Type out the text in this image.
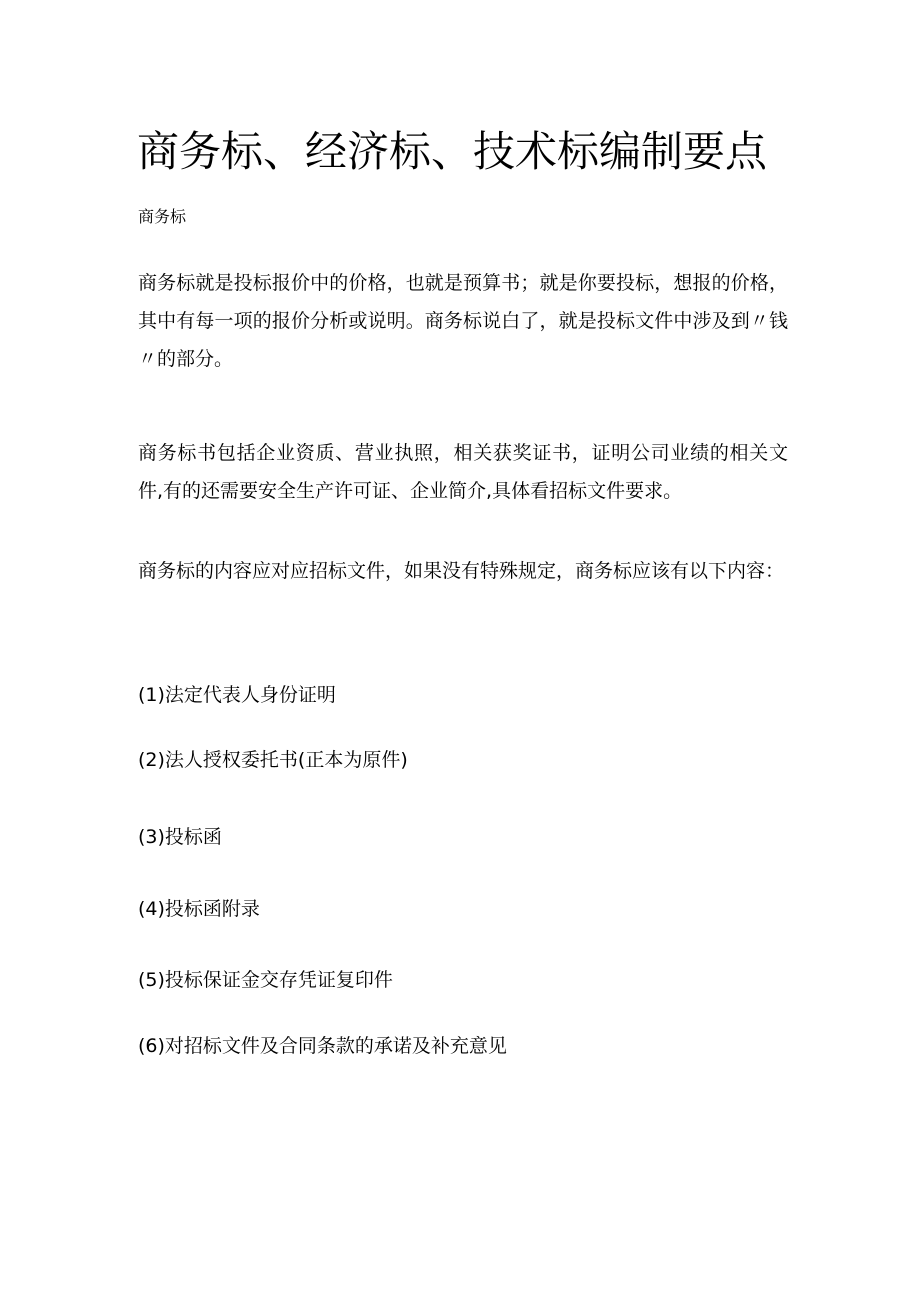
商务标、经济标、技术标编制要点

商务标

商务标就是投标报价中的价格，也就是预算书；就是你要投标，想报的价格，其中有每一项的报价分析或说明。商务标说白了，就是投标文件中涉及到〃钱〃的部分。

商务标书包括企业资质、营业执照，相关获奖证书，证明公司业绩的相关文件,有的还需要安全生产许可证、企业简介,具体看招标文件要求。

商务标的内容应对应招标文件，如果没有特殊规定，商务标应该有以下内容：

(1)法定代表人身份证明

(2)法人授权委托书(正本为原件)

(3)投标函

(4)投标函附录

(5)投标保证金交存凭证复印件

(6)对招标文件及合同条款的承诺及补充意见
